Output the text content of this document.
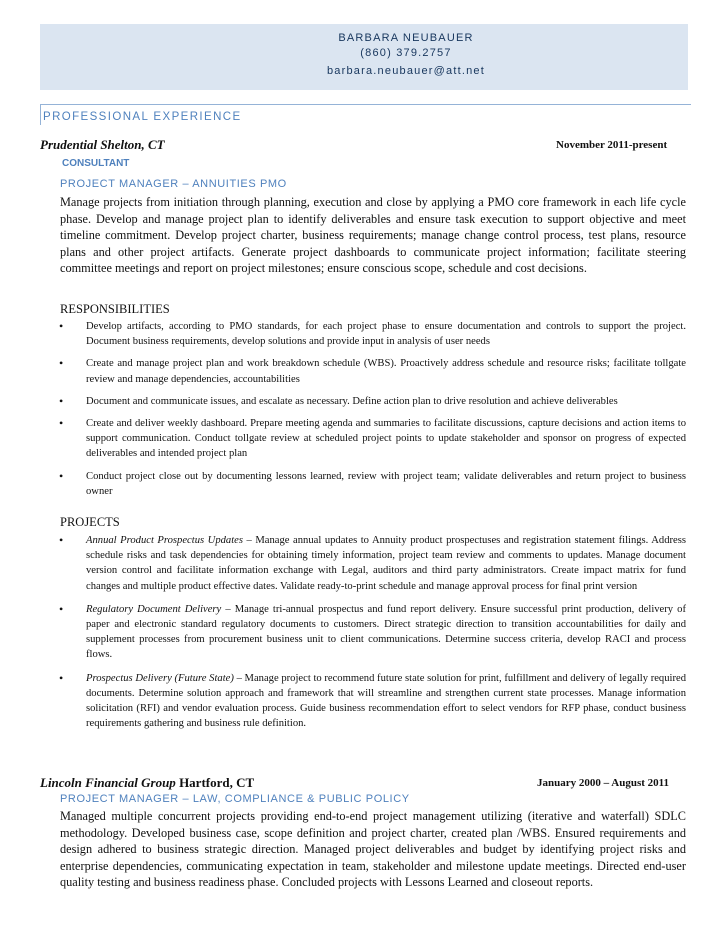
BARBARA NEUBAUER
(860) 379.2757
barbara.neubauer@att.net
PROFESSIONAL EXPERIENCE
Prudential Shelton, CT	November 2011-present
CONSULTANT
PROJECT MANAGER – ANNUITIES PMO
Manage projects from initiation through planning, execution and close by applying a PMO core framework in each life cycle phase. Develop and manage project plan to identify deliverables and ensure task execution to support objective and meet timeline commitment. Develop project charter, business requirements; manage change control process, test plans, resource plans and other project artifacts. Generate project dashboards to communicate project information; facilitate steering committee meetings and report on project milestones; ensure conscious scope, schedule and cost decisions.
RESPONSIBILITIES
• Develop artifacts, according to PMO standards, for each project phase to ensure documentation and controls to support the project. Document business requirements, develop solutions and provide input in analysis of user needs
• Create and manage project plan and work breakdown schedule (WBS). Proactively address schedule and resource risks; facilitate tollgate review and manage dependencies, accountabilities
• Document and communicate issues, and escalate as necessary. Define action plan to drive resolution and achieve deliverables
• Create and deliver weekly dashboard. Prepare meeting agenda and summaries to facilitate discussions, capture decisions and action items to support communication. Conduct tollgate review at scheduled project points to update stakeholder and sponsor on progress of expected deliverables and intended project plan
• Conduct project close out by documenting lessons learned, review with project team; validate deliverables and return project to business owner
PROJECTS
• Annual Product Prospectus Updates – Manage annual updates to Annuity product prospectuses and registration statement filings. Address schedule risks and task dependencies for obtaining timely information, project team review and comments to updates. Manage document version control and facilitate information exchange with Legal, auditors and third party administrators. Create impact matrix for fund changes and multiple product effective dates. Validate ready-to-print schedule and manage approval process for final print version
• Regulatory Document Delivery – Manage tri-annual prospectus and fund report delivery. Ensure successful print production, delivery of paper and electronic standard regulatory documents to customers. Direct strategic direction to transition accountabilities for daily and supplement processes from procurement business unit to client communications. Determine success criteria, develop RACI and process flows.
• Prospectus Delivery (Future State) – Manage project to recommend future state solution for print, fulfillment and delivery of legally required documents. Determine solution approach and framework that will streamline and strengthen current state processes. Manage information solicitation (RFI) and vendor evaluation process. Guide business recommendation effort to select vendors for RFP phase, conduct business requirements gathering and business rule definition.
Lincoln Financial Group Hartford, CT	January 2000 – August 2011
PROJECT MANAGER – LAW, COMPLIANCE & PUBLIC POLICY
Managed multiple concurrent projects providing end-to-end project management utilizing (iterative and waterfall) SDLC methodology. Developed business case, scope definition and project charter, created plan /WBS. Ensured requirements and design adhered to business strategic direction. Managed project deliverables and budget by identifying project risks and enterprise dependencies, communicating expectation in team, stakeholder and milestone update meetings. Directed end-user quality testing and business readiness phase. Concluded projects with Lessons Learned and closeout reports.
